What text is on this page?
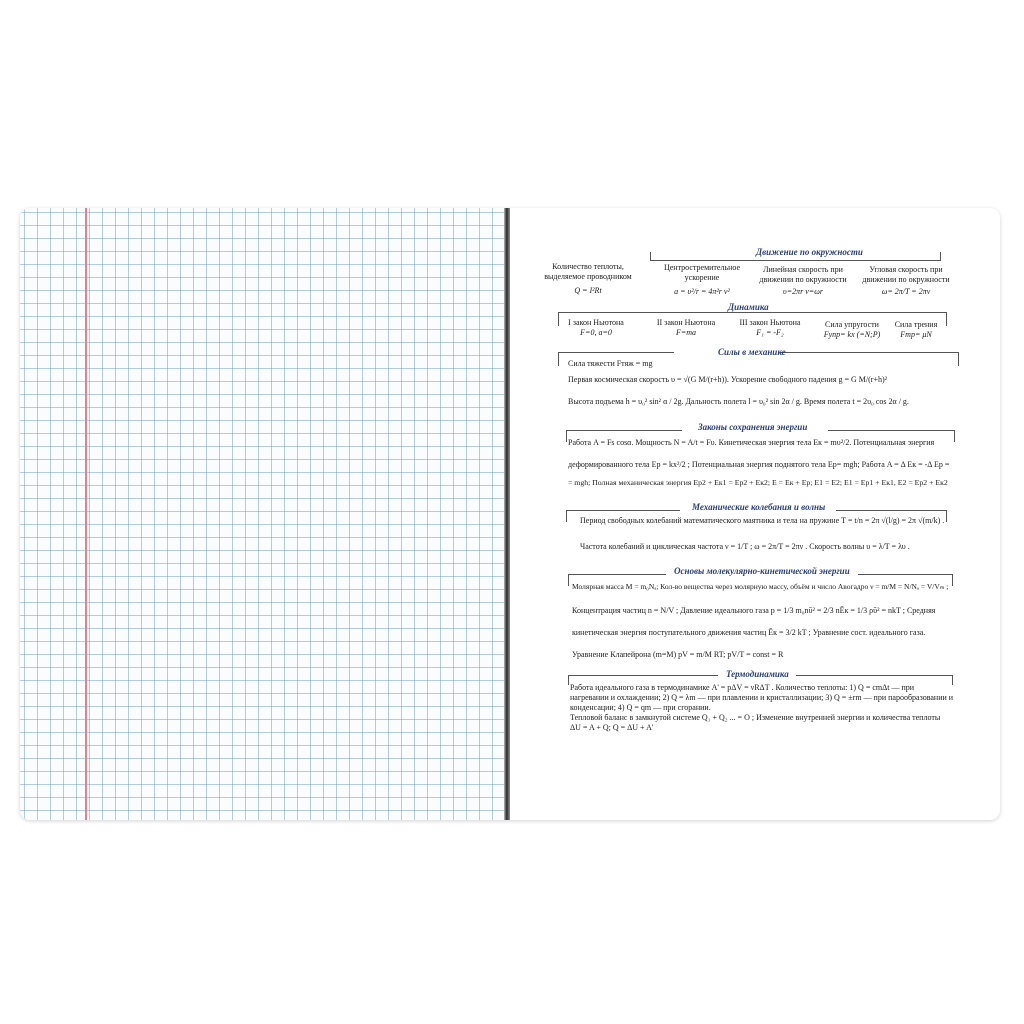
Движение по окружности
Количество теплоты, выделяемое проводником
Q = I²Rt
Центростремительное ускорение
a = υ²/r = 4π²r ν²
Линейная скорость при движении по окружности
υ=2πr ν=ωr
Угловая скорость при движении по окружности
ω= 2π/T = 2πν
Динамика
I закон Ньютона
F=0, a=0
II закон Ньютона
F=ma
III закон Ньютона
F₁ = -F₂
Сила упругости
Fупр= kx (=N;P)
Сила трения
Fтр= μN
Силы в механике
Сила тяжести Fтяж = mg
Первая космическая скорость υ = √(G M/(r+h)). Ускорение свободного падения g = G M/(r+h)²
Высота подъема h = υ₀² sin² α / 2g. Дальность полета l = υ₀² sin 2α / g. Время полета t = 2υ₀ cos 2α / g.
Законы сохранения энергии
Работа A = Fs cosα. Мощность N = A/t = Fυ. Кинетическая энергия тела Eк = mυ²/2. Потенциальная энергия
деформированного тела Ep = kx²/2 ; Потенциальная энергия поднятого тела Ep= mgh; Работа A = Δ Eк = -Δ Ep =
= mgh; Полная механическая энергия Ep2 + Eк1 = Ep2 + Eк2; E = Eк + Ep; E1 = E2; E1 = Ep1 + Eк1, E2 = Ep2 + Eк2
Механические колебания и волны
Период свободных колебаний математического маятника и тела на пружине T = t/n = 2π √(l/g) = 2π √(m/k) .
Частота колебаний и циклическая частота ν = 1/T ; ω = 2π/T = 2πν . Скорость волны υ = λ/T = λυ .
Основы молекулярно-кинетической энергии
Молярная масса M = m₀Nₐ; Кол-во вещества через молярную массу, объём и число Авогадро ν = m/M = N/Nₐ = V/Vₘ ;
Концентрация частиц n = N/V ; Давление идеального газа p = 1/3 m₀nῡ² = 2/3 nĒк = 1/3 ρῡ² = nkT ; Средняя
кинетическая энергия поступательного движения частиц Ēк = 3/2 kT ; Уравнение сост. идеального газа.
Уравнение Клапейрона (m=M) pV = m/M RT; pV/T = const = R
Термодинамика
Работа идеального газа в термодинамике A' = pΔV = νRΔT . Количество теплоты: 1) Q = cmΔt — при
нагревании и охлаждении; 2) Q = λm — при плавлении и кристаллизации; 3) Q = ±rm — при парообразовании и
конденсации; 4) Q = qm — при сгорании.
Тепловой баланс в замкнутой системе Q₁ + Q₂ ... = O ; Изменение внутренней энергии и количества теплоты
ΔU = A + Q; Q = ΔU + A'
